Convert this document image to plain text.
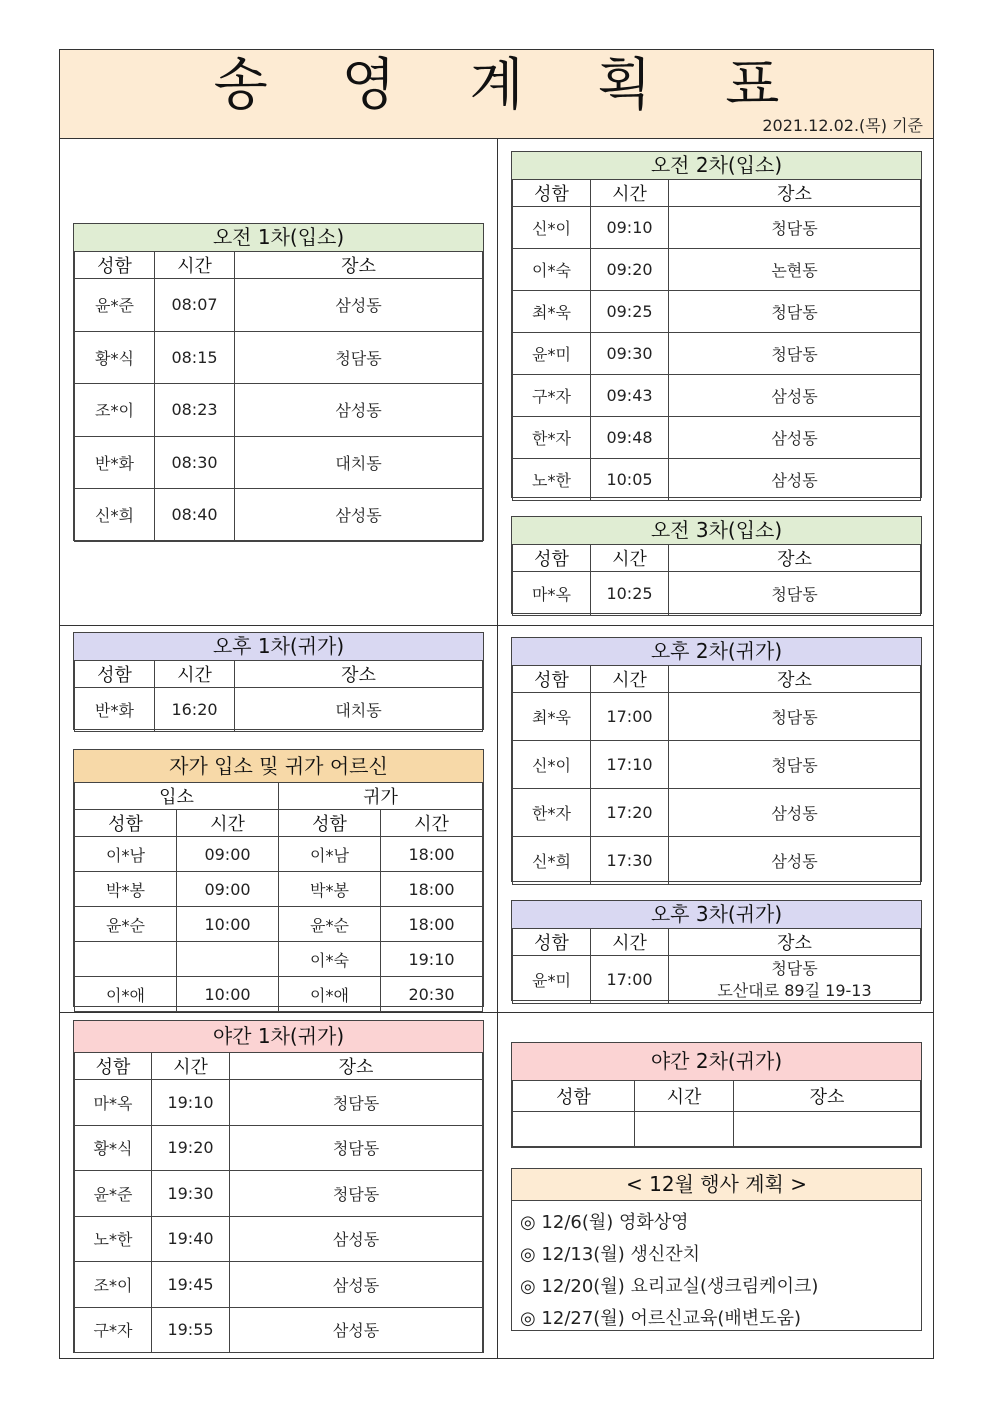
송 영 계 획 표
2021.12.02.(목) 기준
오전 1차(입소)
성함	시간	장소
윤*준	08:07	삼성동
황*식	08:15	청담동
조*이	08:23	삼성동
반*화	08:30	대치동
신*희	08:40	삼성동
오전 2차(입소)
성함	시간	장소
신*이	09:10	청담동
이*숙	09:20	논현동
최*욱	09:25	청담동
윤*미	09:30	청담동
구*자	09:43	삼성동
한*자	09:48	삼성동
노*한	10:05	삼성동
오전 3차(입소)
성함	시간	장소
마*옥	10:25	청담동
오후 1차(귀가)
성함	시간	장소
반*화	16:20	대치동
자가 입소 및 귀가 어르신
입소		귀가	
성함	시간	성함	시간
이*남	09:00	이*남	18:00
박*봉	09:00	박*봉	18:00
윤*순	10:00	윤*순	18:00
		이*숙	19:10
이*애	10:00	이*애	20:30
오후 2차(귀가)
성함	시간	장소
최*욱	17:00	청담동
신*이	17:10	청담동
한*자	17:20	삼성동
신*희	17:30	삼성동
오후 3차(귀가)
성함	시간	장소
윤*미	17:00	청담동
도산대로 89길 19-13
야간 1차(귀가)
성함	시간	장소
마*옥	19:10	청담동
황*식	19:20	청담동
윤*준	19:30	청담동
노*한	19:40	삼성동
조*이	19:45	삼성동
구*자	19:55	삼성동
야간 2차(귀가)
성함	시간	장소

< 12월 행사 계획 >
◎ 12/6(월) 영화상영
◎ 12/13(월) 생신잔치
◎ 12/20(월) 요리교실(생크림케이크)
◎ 12/27(월) 어르신교육(배변도움)
